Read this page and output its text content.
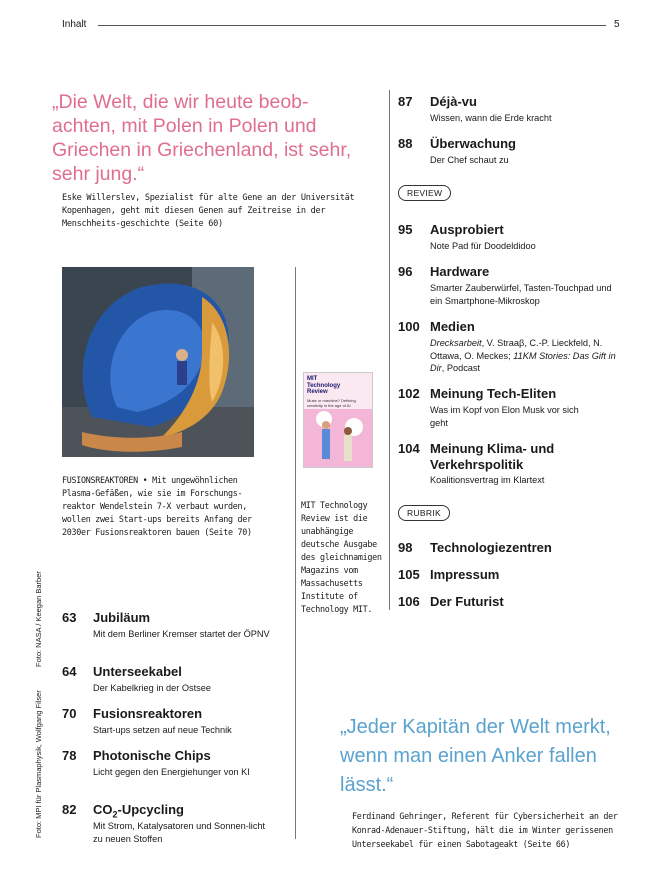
Inhalt	5
„Die Welt, die wir heute beob-achten, mit Polen in Polen und Griechen in Griechenland, ist sehr, sehr jung.“
Eske Willerslev, Spezialist für alte Gene an der Universität Kopenhagen, geht mit diesen Genen auf Zeitreise in der Menschheits-geschichte (Seite 60)
FUSIONSREAKTOREN • Mit ungewöhnlichen Plasma-Gefäßen, wie sie im Forschungs-reaktor Wendelstein 7-X verbaut wurden, wollen zwei Start-ups bereits Anfang der 2030er Fusionsreaktoren bauen (Seite 70)
MIT
Technology
Review
Muse or machine? Defining creativity in the age of AI
MIT Technology Review ist die unabhängige deutsche Ausgabe des gleichnamigen Magazins vom Massachusetts Institute of Technology MIT.
Foto: MPI für Plasmaphysik, Wolfgang Filser
Foto: NASA / Keegan Barber 63 Jubiläum
Mit dem Berliner Kremser startet der ÖPNV
64 Unterseekabel
Der Kabelkrieg in der Ostsee
70 Fusionsreaktoren
Start-ups setzen auf neue Technik
78 Photonische Chips
Licht gegen den Energiehunger von KI
82 $CO_2$-Upcycling
Mit Strom, Katalysatoren und Sonnen-licht zu neuen Stoffen
87 Déjà-vu
Wissen, wann die Erde kracht
88 Überwachung
Der Chef schaut zu
REVIEW
95 Ausprobiert
Note Pad für Doodeldidoo
96 Hardware
Smarter Zauberwürfel, Tasten-Touchpad und ein Smartphone-Mikroskop
100 Medien
Drecksarbeit, V. Straaβ, C.-P. Lieckfeld, N. Ottawa, O. Meckes; 11KM Stories: Das Gift in Dir, Podcast
102 Meinung Tech-Eliten
Was im Kopf von Elon Musk vor sich geht
104 Meinung Klima- und Verkehrspolitik
Koalitionsvertrag im Klartext
RUBRIK
98 Technologiezentren
105 Impressum
106 Der Futurist
„Jeder Kapitän der Welt merkt, wenn man einen Anker fallen lässt.“
Ferdinand Gehringer, Referent für Cybersicherheit an der Konrad-Adenauer-Stiftung, hält die im Winter gerissenen Unterseekabel für einen Sabotageakt (Seite 66)
